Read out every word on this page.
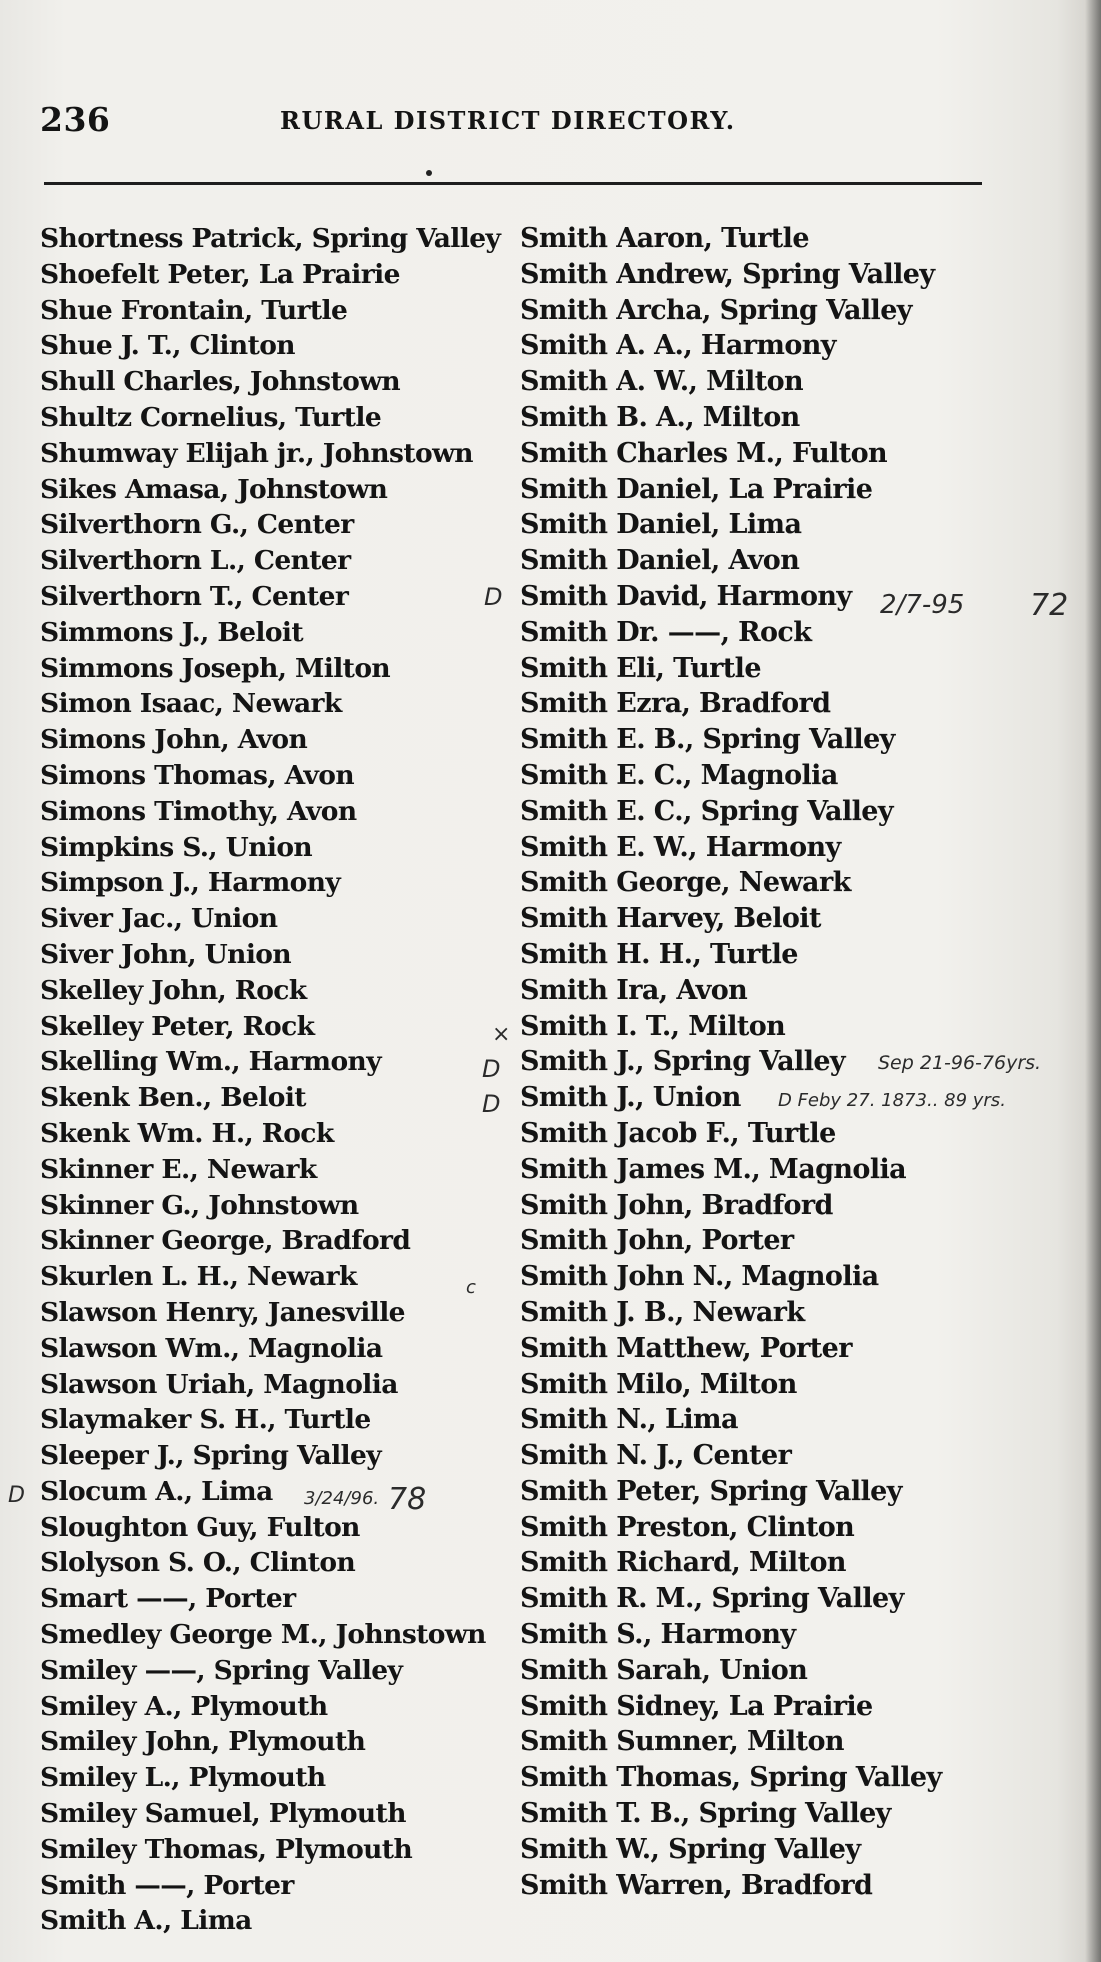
236	RURAL DISTRICT DIRECTORY.
Shortness Patrick, Spring Valley
Shoefelt Peter, La Prairie
Shue Frontain, Turtle
Shue J. T., Clinton
Shull Charles, Johnstown
Shultz Cornelius, Turtle
Shumway Elijah jr., Johnstown
Sikes Amasa, Johnstown
Silverthorn G., Center
Silverthorn L., Center
Silverthorn T., Center
Simmons J., Beloit
Simmons Joseph, Milton
Simon Isaac, Newark
Simons John, Avon
Simons Thomas, Avon
Simons Timothy, Avon
Simpkins S., Union
Simpson J., Harmony
Siver Jac., Union
Siver John, Union
Skelley John, Rock
Skelley Peter, Rock
Skelling Wm., Harmony
Skenk Ben., Beloit
Skenk Wm. H., Rock
Skinner E., Newark
Skinner G., Johnstown
Skinner George, Bradford
Skurlen L. H., Newark
Slawson Henry, Janesville
Slawson Wm., Magnolia
Slawson Uriah, Magnolia
Slaymaker S. H., Turtle
Sleeper J., Spring Valley
Slocum A., Lima
Sloughton Guy, Fulton
Slolyson S. O., Clinton
Smart ——, Porter
Smedley George M., Johnstown
Smiley ——, Spring Valley
Smiley A., Plymouth
Smiley John, Plymouth
Smiley L., Plymouth
Smiley Samuel, Plymouth
Smiley Thomas, Plymouth
Smith ——, Porter
Smith A., Lima
Smith Aaron, Turtle
Smith Andrew, Spring Valley
Smith Archa, Spring Valley
Smith A. A., Harmony
Smith A. W., Milton
Smith B. A., Milton
Smith Charles M., Fulton
Smith Daniel, La Prairie
Smith Daniel, Lima
Smith Daniel, Avon
Smith David, Harmony
Smith Dr. ——, Rock
Smith Eli, Turtle
Smith Ezra, Bradford
Smith E. B., Spring Valley
Smith E. C., Magnolia
Smith E. C., Spring Valley
Smith E. W., Harmony
Smith George, Newark
Smith Harvey, Beloit
Smith H. H., Turtle
Smith Ira, Avon
Smith I. T., Milton
Smith J., Spring Valley
Smith J., Union
Smith Jacob F., Turtle
Smith James M., Magnolia
Smith John, Bradford
Smith John, Porter
Smith John N., Magnolia
Smith J. B., Newark
Smith Matthew, Porter
Smith Milo, Milton
Smith N., Lima
Smith N. J., Center
Smith Peter, Spring Valley
Smith Preston, Clinton
Smith Richard, Milton
Smith R. M., Spring Valley
Smith S., Harmony
Smith Sarah, Union
Smith Sidney, La Prairie
Smith Sumner, Milton
Smith Thomas, Spring Valley
Smith T. B., Spring Valley
Smith W., Spring Valley
Smith Warren, Bradford
D	2/7-95 72
×
D	Sep 21-96-76yrs.
D	D Feby 27. 1873.. 89 yrs.
c
D	3/24/96. 78
